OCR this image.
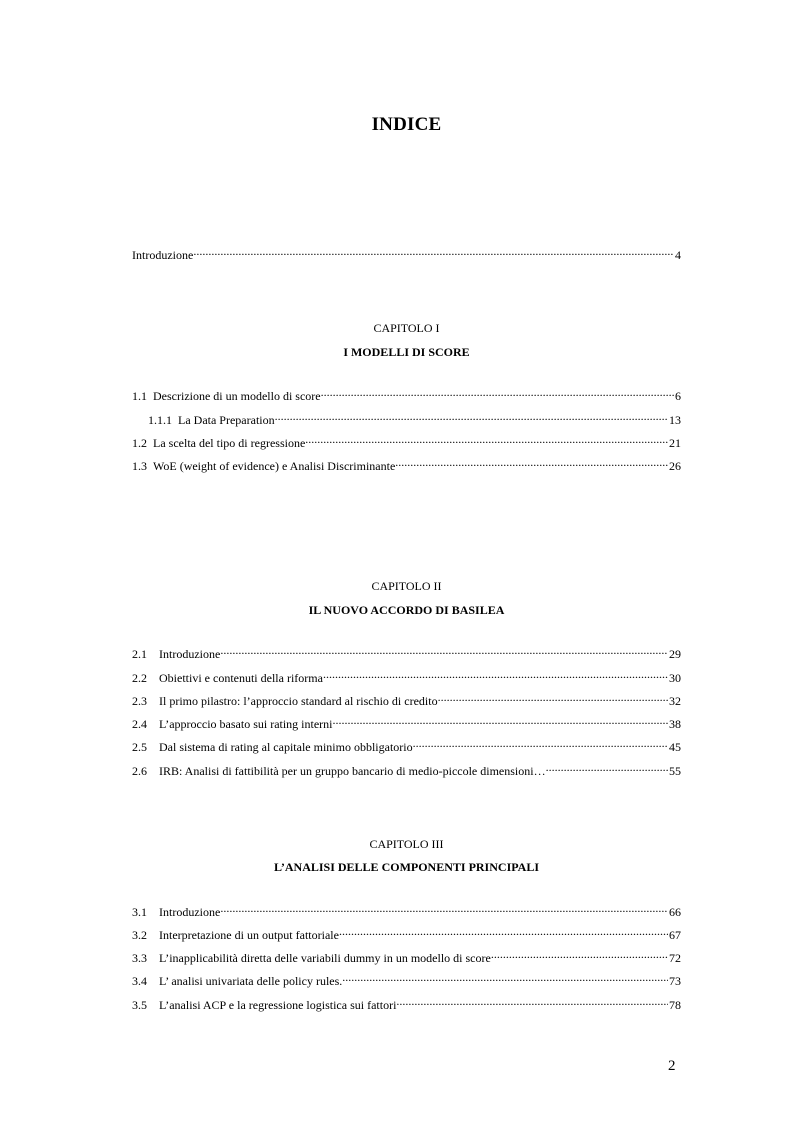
INDICE
Introduzione .....	4
CAPITOLO I
I MODELLI DI SCORE
1.1 Descrizione di un modello di score .....	6
1.1.1 La Data Preparation .....	13
1.2 La scelta del tipo di regressione .....	21
1.3 WoE (weight of evidence) e Analisi Discriminante .....	26
CAPITOLO II
IL NUOVO ACCORDO DI BASILEA
2.1	Introduzione .....	29
2.2	Obiettivi e contenuti della riforma .....	30
2.3	Il primo pilastro: l’approccio standard al rischio di credito .....	32
2.4	L’approccio basato sui rating interni .....	38
2.5	Dal sistema di rating al capitale minimo obbligatorio .....	45
2.6	IRB: Analisi di fattibilità per un gruppo bancario di medio-piccole dimensioni… .....	55
CAPITOLO III
L’ANALISI DELLE COMPONENTI PRINCIPALI
3.1	Introduzione .....	66
3.2	Interpretazione di un output fattoriale .....	67
3.3	L’inapplicabilità diretta delle variabili dummy in un modello di score .....	72
3.4	L’ analisi univariata delle policy rules. .....	73
3.5	L’analisi ACP e la regressione logistica sui fattori .....	78
2
